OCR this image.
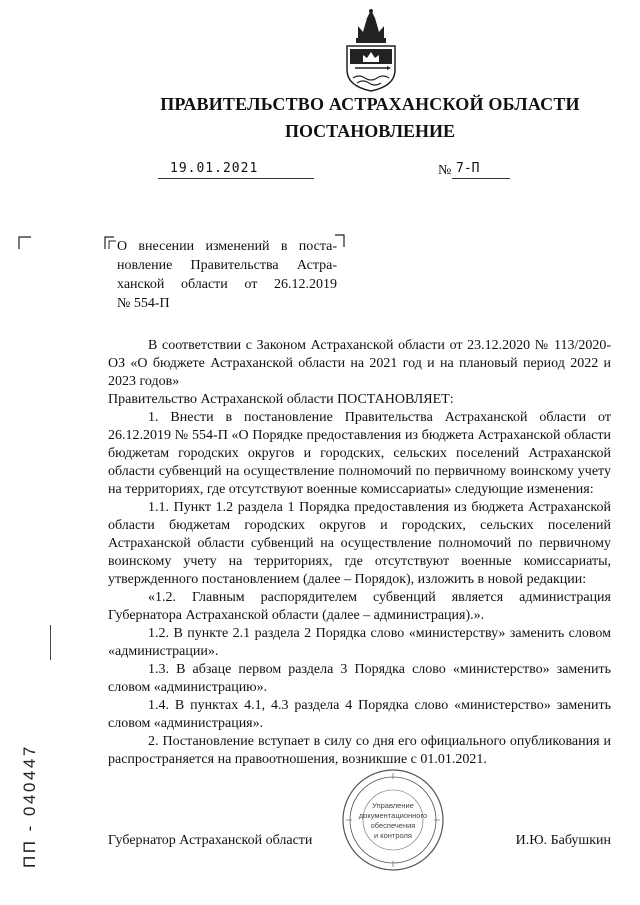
ПРАВИТЕЛЬСТВО АСТРАХАНСКОЙ ОБЛАСТИ
ПОСТАНОВЛЕНИЕ
19.01.2021	№ 7-П
О внесении изменений в поста-
новление Правительства Астра-
ханской области от 26.12.2019
№ 554-П

В соответствии с Законом Астраханской области от 23.12.2020 № 113/2020-ОЗ «О бюджете Астраханской области на 2021 год и на плановый период 2022 и 2023 годов»

Правительство Астраханской области ПОСТАНОВЛЯЕТ:

1. Внести в постановление Правительства Астраханской области от 26.12.2019 № 554-П «О Порядке предоставления из бюджета Астраханской области бюджетам городских округов и городских, сельских поселений Астраханской области субвенций на осуществление полномочий по первичному воинскому учету на территориях, где отсутствуют военные комиссариаты» следующие изменения:

1.1. Пункт 1.2 раздела 1 Порядка предоставления из бюджета Астраханской области бюджетам городских округов и городских, сельских поселений Астраханской области субвенций на осуществление полномочий по первичному воинскому учету на территориях, где отсутствуют военные комиссариаты, утвержденного постановлением (далее – Порядок), изложить в новой редакции:

«1.2. Главным распорядителем субвенций является администрация Губернатора Астраханской области (далее – администрация).».

1.2. В пункте 2.1 раздела 2 Порядка слово «министерству» заменить словом «администрации».

1.3. В абзаце первом раздела 3 Порядка слово «министерство» заменить словом «администрацию».

1.4. В пунктах 4.1, 4.3 раздела 4 Порядка слово «министерство» заменить словом «администрация».

2. Постановление вступает в силу со дня его официального опубликования и распространяется на правоотношения, возникшие с 01.01.2021.

Управление
документационного
обеспечения
и контроля
Губернатор Астраханской области	И.Ю. Бабушкин
ПП - 040447
